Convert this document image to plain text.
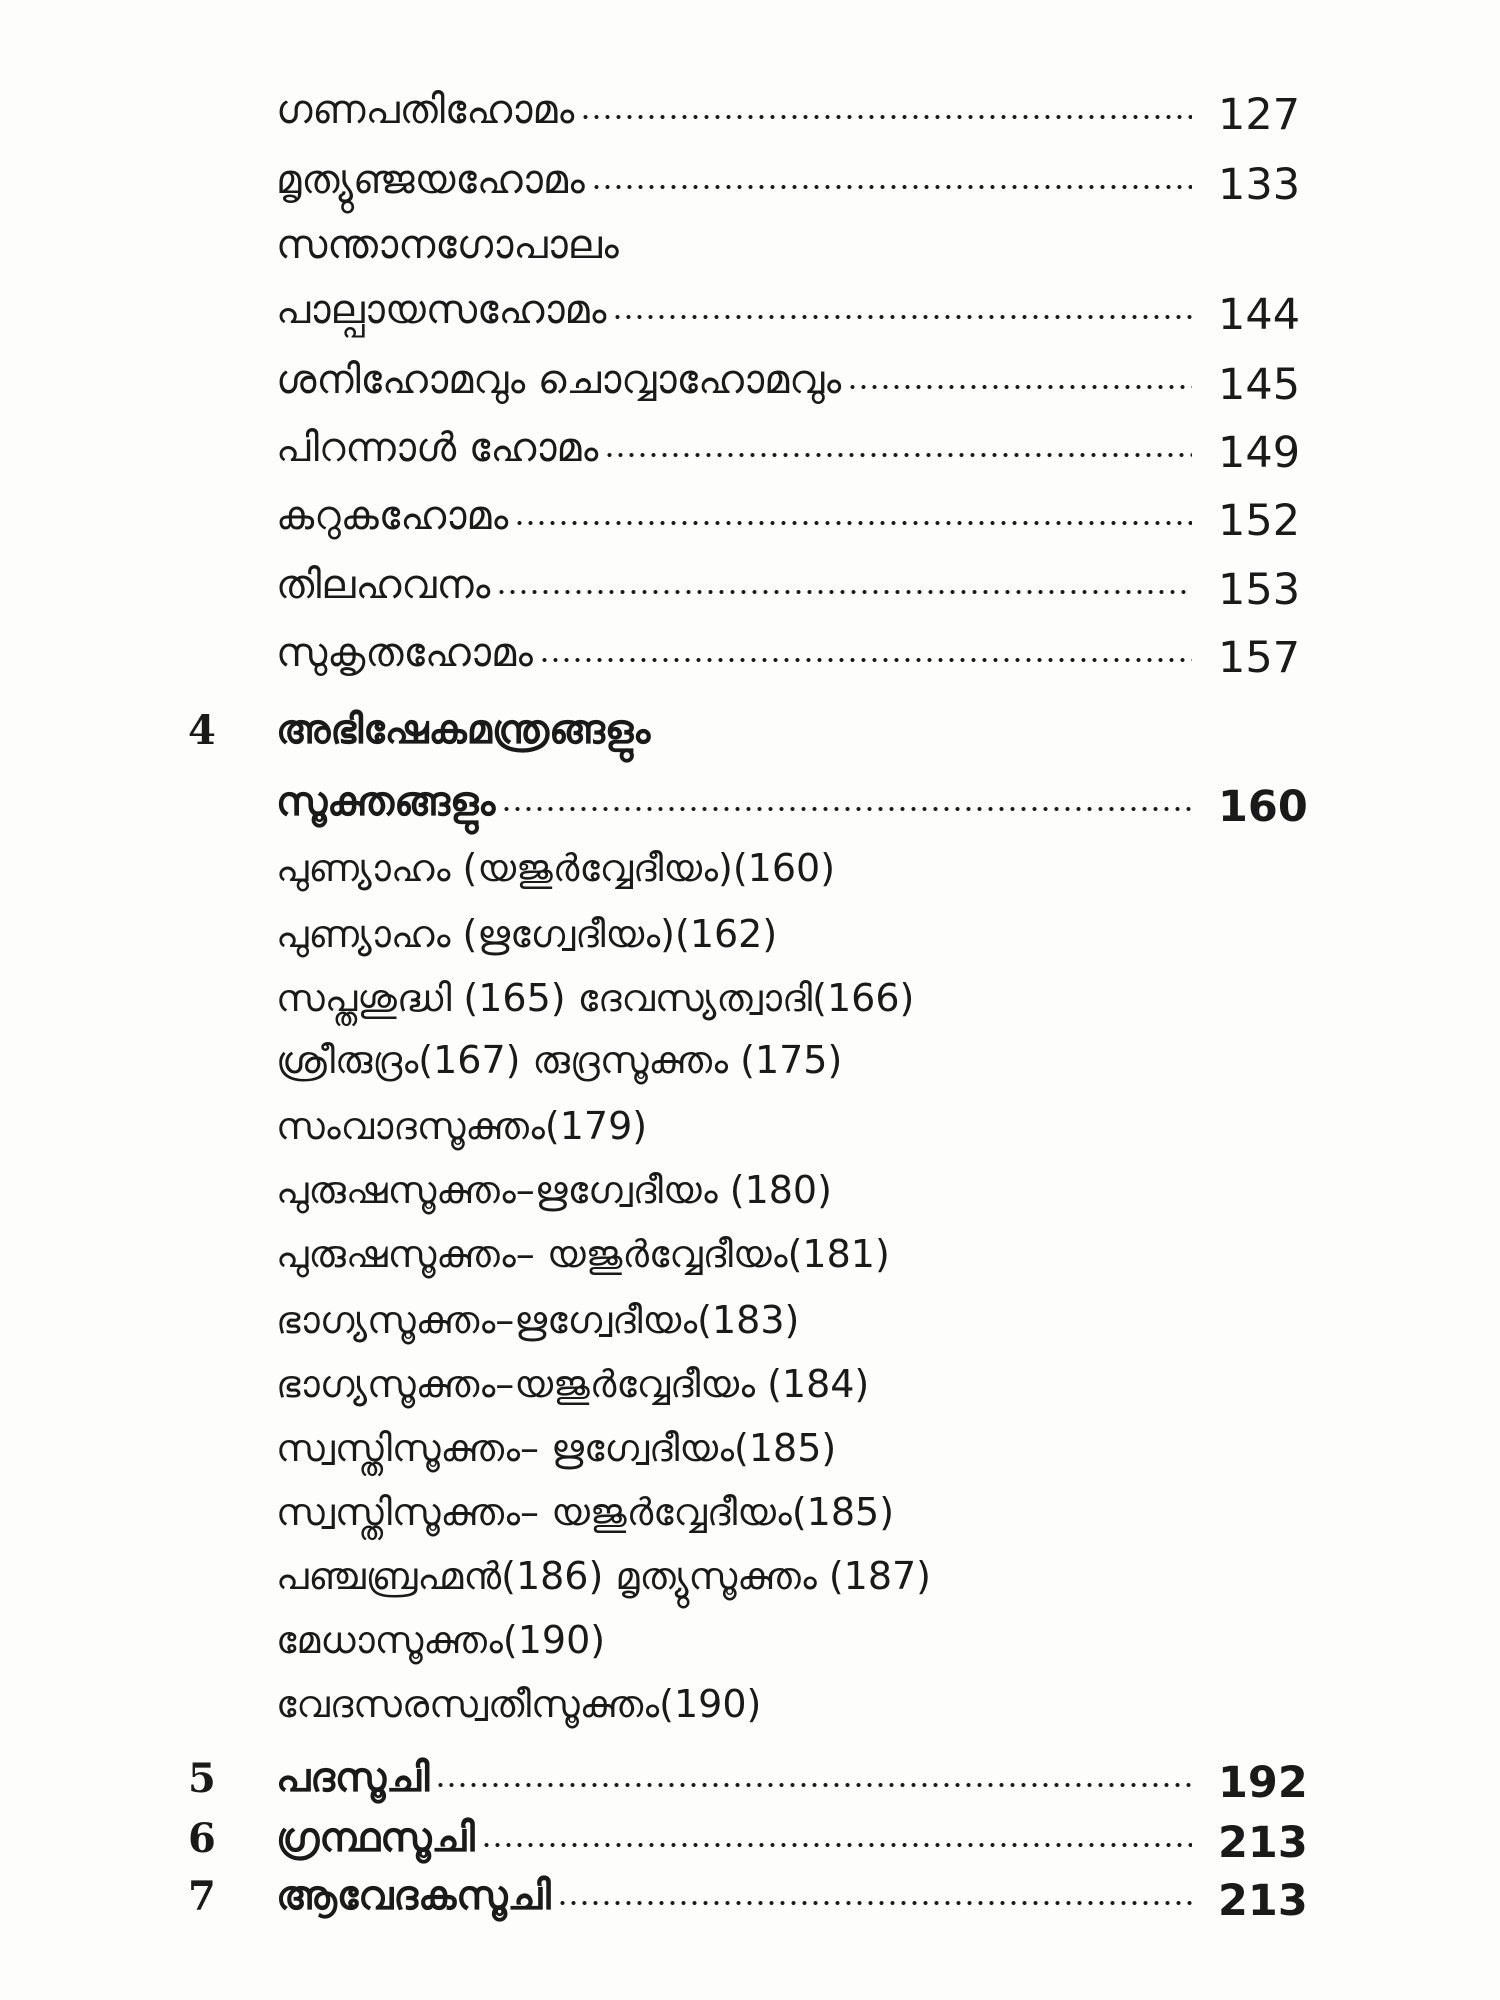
ഗണപതിഹോമം	127
മൃത്യുഞ്ജയഹോമം	133
സന്താനഗോപാലം
പാല്പായസഹോമം	144
ശനിഹോമവും ചൊവ്വാഹോമവും	145
പിറന്നാൾ ഹോമം	149
കറുകഹോമം	152
തിലഹവനം	153
സുകൃതഹോമം	157
4 അഭിഷേകമന്ത്രങ്ങളും
സൂക്തങ്ങളും	160
പുണ്യാഹം (യജുർവ്വേദീയം)(160)
പുണ്യാഹം (ഋഗ്വേദീയം)(162)
സപ്തശുദ്ധി (165) ദേവസ്യത്വാദി(166)
ശ്രീരുദ്രം(167) രുദ്രസൂക്തം (175)
സംവാദസൂക്തം(179)
പുരുഷസൂക്തം–ഋഗ്വേദീയം (180)
പുരുഷസൂക്തം– യജുർവ്വേദീയം(181)
ഭാഗ്യസൂക്തം–ഋഗ്വേദീയം(183)
ഭാഗ്യസൂക്തം–യജുർവ്വേദീയം (184)
സ്വസ്തിസൂക്തം– ഋഗ്വേദീയം(185)
സ്വസ്തിസൂക്തം– യജുർവ്വേദീയം(185)
പഞ്ചബ്രഹ്മൻ(186) മൃത്യുസൂക്തം (187)
മേധാസൂക്തം(190)
വേദസരസ്വതീസൂക്തം(190)
5 പദസൂചി	192
6 ഗ്രന്ഥസൂചി	213
7 ആവേദകസൂചി	213
